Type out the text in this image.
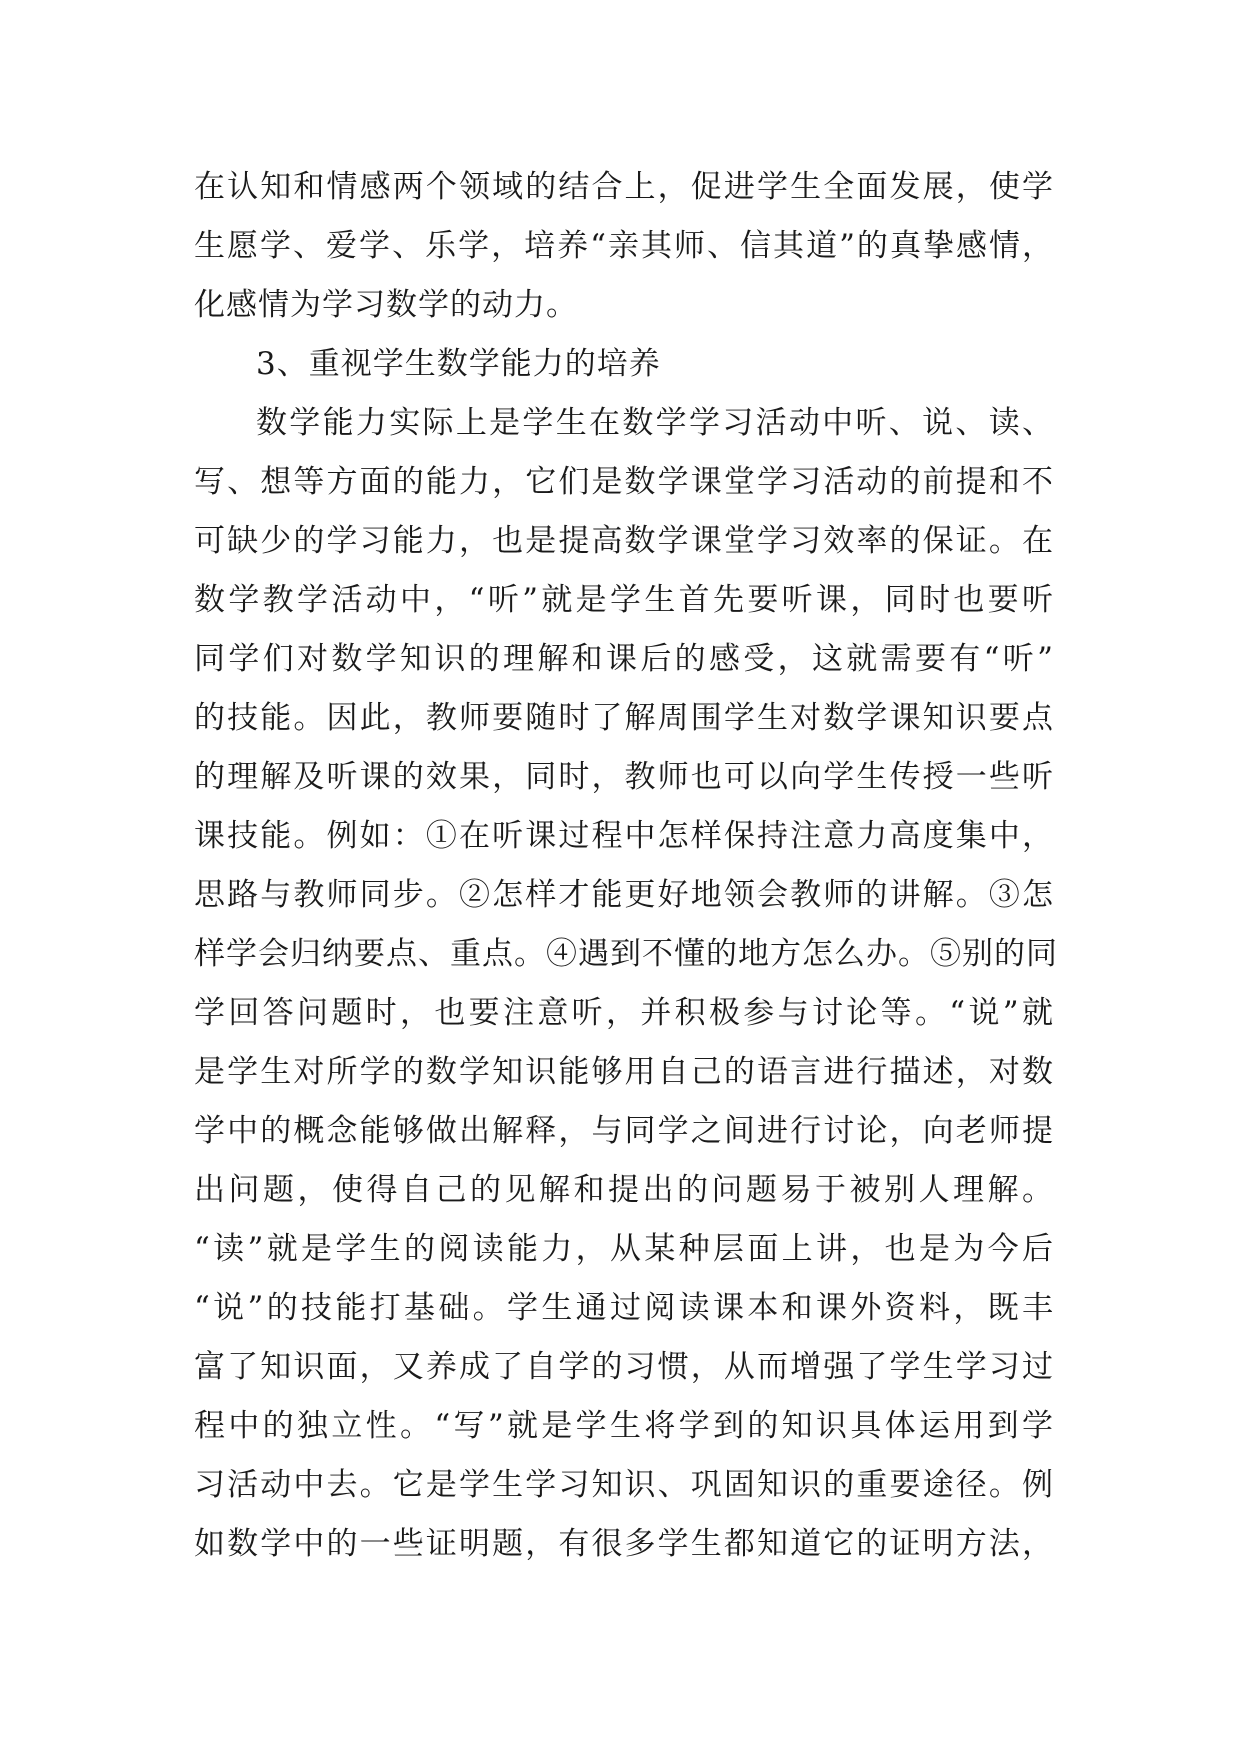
在认知和情感两个领域的结合上，促进学生全面发展，使学
生愿学、爱学、乐学，培养“亲其师、信其道”的真挚感情，
化感情为学习数学的动力。
3、重视学生数学能力的培养
数学能力实际上是学生在数学学习活动中听、说、读、
写、想等方面的能力，它们是数学课堂学习活动的前提和不
可缺少的学习能力，也是提高数学课堂学习效率的保证。在
数学教学活动中，“听”就是学生首先要听课，同时也要听
同学们对数学知识的理解和课后的感受，这就需要有“听”
的技能。因此，教师要随时了解周围学生对数学课知识要点
的理解及听课的效果，同时，教师也可以向学生传授一些听
课技能。例如：①在听课过程中怎样保持注意力高度集中，
思路与教师同步。②怎样才能更好地领会教师的讲解。③怎
样学会归纳要点、重点。④遇到不懂的地方怎么办。⑤别的同
学回答问题时，也要注意听，并积极参与讨论等。“说”就
是学生对所学的数学知识能够用自己的语言进行描述，对数
学中的概念能够做出解释，与同学之间进行讨论，向老师提
出问题，使得自己的见解和提出的问题易于被别人理解。
“读”就是学生的阅读能力，从某种层面上讲，也是为今后
“说”的技能打基础。学生通过阅读课本和课外资料，既丰
富了知识面，又养成了自学的习惯，从而增强了学生学习过
程中的独立性。“写”就是学生将学到的知识具体运用到学
习活动中去。它是学生学习知识、巩固知识的重要途径。例
如数学中的一些证明题，有很多学生都知道它的证明方法，
